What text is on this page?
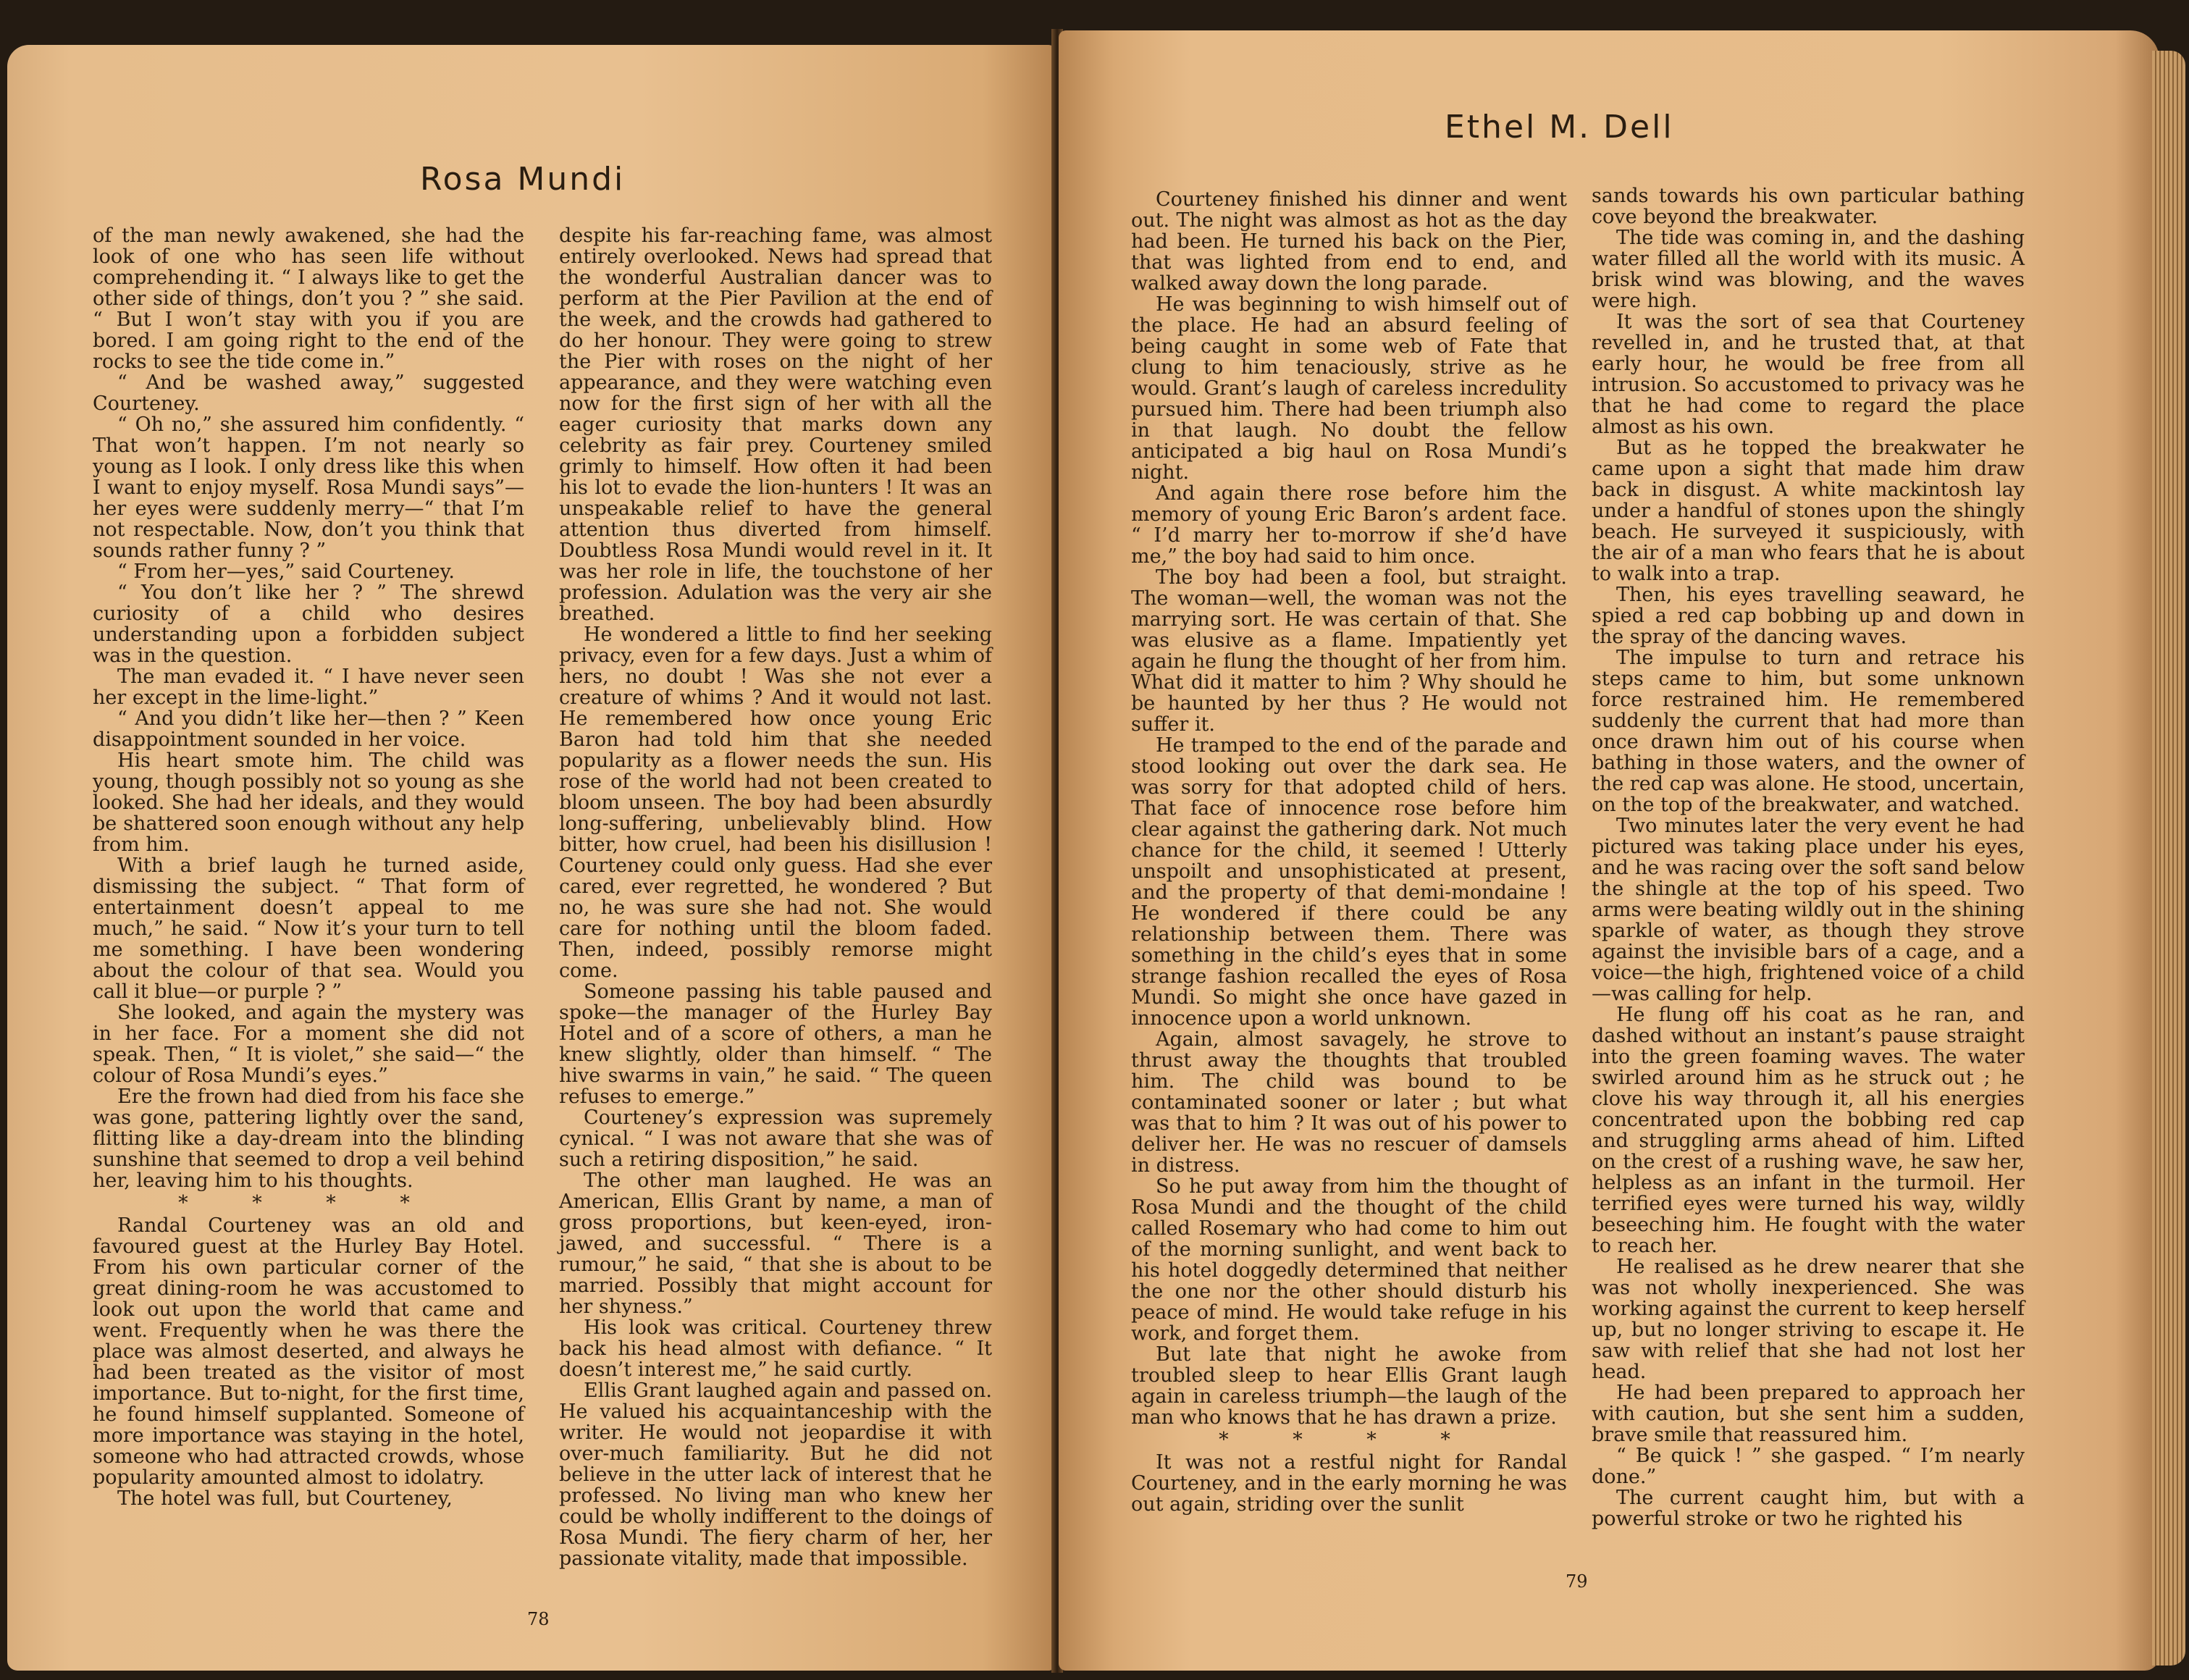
Rosa Mundi

of the man newly awakened, she had the look of one who has seen life without comprehending it. “ I always like to get the other side of things, don’t you ? ” she said. “ But I won’t stay with you if you are bored. I am going right to the end of the rocks to see the tide come in.”

“ And be washed away,” suggested Courteney.

“ Oh no,” she assured him confidently. “ That won’t happen. I’m not nearly so young as I look. I only dress like this when I want to enjoy myself. Rosa Mundi says”—her eyes were suddenly merry—“ that I’m not respectable. Now, don’t you think that sounds rather funny ? ”

“ From her—yes,” said Courteney.

“ You don’t like her ? ” The shrewd curiosity of a child who desires understanding upon a forbidden subject was in the question.

The man evaded it. “ I have never seen her except in the lime-light.”

“ And you didn’t like her—then ? ” Keen disappointment sounded in her voice.

His heart smote him. The child was young, though possibly not so young as she looked. She had her ideals, and they would be shattered soon enough without any help from him.

With a brief laugh he turned aside, dismissing the subject. “ That form of entertainment doesn’t appeal to me much,” he said. “ Now it’s your turn to tell me something. I have been wondering about the colour of that sea. Would you call it blue—or purple ? ”

She looked, and again the mystery was in her face. For a moment she did not speak. Then, “ It is violet,” she said—“ the colour of Rosa Mundi’s eyes.”

Ere the frown had died from his face she was gone, pattering lightly over the sand, flitting like a day-dream into the blinding sunshine that seemed to drop a veil behind her, leaving him to his thoughts.

* * * *

Randal Courteney was an old and favoured guest at the Hurley Bay Hotel. From his own particular corner of the great dining-room he was accustomed to look out upon the world that came and went. Frequently when he was there the place was almost deserted, and always he had been treated as the visitor of most importance. But to-night, for the first time, he found himself supplanted. Someone of more importance was staying in the hotel, someone who had attracted crowds, whose popularity amounted almost to idolatry.

The hotel was full, but Courteney,

despite his far-reaching fame, was almost entirely overlooked. News had spread that the wonderful Australian dancer was to perform at the Pier Pavilion at the end of the week, and the crowds had gathered to do her honour. They were going to strew the Pier with roses on the night of her appearance, and they were watching even now for the first sign of her with all the eager curiosity that marks down any celebrity as fair prey. Courteney smiled grimly to himself. How often it had been his lot to evade the lion-hunters ! It was an unspeakable relief to have the general attention thus diverted from himself. Doubtless Rosa Mundi would revel in it. It was her role in life, the touchstone of her profession. Adulation was the very air she breathed.

He wondered a little to find her seeking privacy, even for a few days. Just a whim of hers, no doubt ! Was she not ever a creature of whims ? And it would not last. He remembered how once young Eric Baron had told him that she needed popularity as a flower needs the sun. His rose of the world had not been created to bloom unseen. The boy had been absurdly long-suffering, unbelievably blind. How bitter, how cruel, had been his disillusion ! Courteney could only guess. Had she ever cared, ever regretted, he wondered ? But no, he was sure she had not. She would care for nothing until the bloom faded. Then, indeed, possibly remorse might come.

Someone passing his table paused and spoke—the manager of the Hurley Bay Hotel and of a score of others, a man he knew slightly, older than himself. “ The hive swarms in vain,” he said. “ The queen refuses to emerge.”

Courteney’s expression was supremely cynical. “ I was not aware that she was of such a retiring disposition,” he said.

The other man laughed. He was an American, Ellis Grant by name, a man of gross proportions, but keen-eyed, iron-jawed, and successful. “ There is a rumour,” he said, “ that she is about to be married. Possibly that might account for her shyness.”

His look was critical. Courteney threw back his head almost with defiance. “ It doesn’t interest me,” he said curtly.

Ellis Grant laughed again and passed on. He valued his acquaintanceship with the writer. He would not jeopardise it with over-much familiarity. But he did not believe in the utter lack of interest that he professed. No living man who knew her could be wholly indifferent to the doings of Rosa Mundi. The fiery charm of her, her passionate vitality, made that impossible.

78
Ethel M. Dell

Courteney finished his dinner and went out. The night was almost as hot as the day had been. He turned his back on the Pier, that was lighted from end to end, and walked away down the long parade.

He was beginning to wish himself out of the place. He had an absurd feeling of being caught in some web of Fate that clung to him tenaciously, strive as he would. Grant’s laugh of careless incredulity pursued him. There had been triumph also in that laugh. No doubt the fellow anticipated a big haul on Rosa Mundi’s night.

And again there rose before him the memory of young Eric Baron’s ardent face. “ I’d marry her to-morrow if she’d have me,” the boy had said to him once.

The boy had been a fool, but straight. The woman—well, the woman was not the marrying sort. He was certain of that. She was elusive as a flame. Impatiently yet again he flung the thought of her from him. What did it matter to him ? Why should he be haunted by her thus ? He would not suffer it.

He tramped to the end of the parade and stood looking out over the dark sea. He was sorry for that adopted child of hers. That face of innocence rose before him clear against the gathering dark. Not much chance for the child, it seemed ! Utterly unspoilt and unsophisticated at present, and the property of that demi-mondaine ! He wondered if there could be any relationship between them. There was something in the child’s eyes that in some strange fashion recalled the eyes of Rosa Mundi. So might she once have gazed in innocence upon a world unknown.

Again, almost savagely, he strove to thrust away the thoughts that troubled him. The child was bound to be contaminated sooner or later ; but what was that to him ? It was out of his power to deliver her. He was no rescuer of damsels in distress.

So he put away from him the thought of Rosa Mundi and the thought of the child called Rosemary who had come to him out of the morning sunlight, and went back to his hotel doggedly determined that neither the one nor the other should disturb his peace of mind. He would take refuge in his work, and forget them.

But late that night he awoke from troubled sleep to hear Ellis Grant laugh again in careless triumph—the laugh of the man who knows that he has drawn a prize.

* * * *

It was not a restful night for Randal Courteney, and in the early morning he was out again, striding over the sunlit

sands towards his own particular bathing cove beyond the breakwater.

The tide was coming in, and the dashing water filled all the world with its music. A brisk wind was blowing, and the waves were high.

It was the sort of sea that Courteney revelled in, and he trusted that, at that early hour, he would be free from all intrusion. So accustomed to privacy was he that he had come to regard the place almost as his own.

But as he topped the breakwater he came upon a sight that made him draw back in disgust. A white mackintosh lay under a handful of stones upon the shingly beach. He surveyed it suspiciously, with the air of a man who fears that he is about to walk into a trap.

Then, his eyes travelling seaward, he spied a red cap bobbing up and down in the spray of the dancing waves.

The impulse to turn and retrace his steps came to him, but some unknown force restrained him. He remembered suddenly the current that had more than once drawn him out of his course when bathing in those waters, and the owner of the red cap was alone. He stood, uncertain, on the top of the breakwater, and watched.

Two minutes later the very event he had pictured was taking place under his eyes, and he was racing over the soft sand below the shingle at the top of his speed. Two arms were beating wildly out in the shining sparkle of water, as though they strove against the invisible bars of a cage, and a voice—the high, frightened voice of a child—was calling for help.

He flung off his coat as he ran, and dashed without an instant’s pause straight into the green foaming waves. The water swirled around him as he struck out ; he clove his way through it, all his energies concentrated upon the bobbing red cap and struggling arms ahead of him. Lifted on the crest of a rushing wave, he saw her, helpless as an infant in the turmoil. Her terrified eyes were turned his way, wildly beseeching him. He fought with the water to reach her.

He realised as he drew nearer that she was not wholly inexperienced. She was working against the current to keep herself up, but no longer striving to escape it. He saw with relief that she had not lost her head.

He had been prepared to approach her with caution, but she sent him a sudden, brave smile that reassured him.

“ Be quick ! ” she gasped. “ I’m nearly done.”

The current caught him, but with a powerful stroke or two he righted his

79
